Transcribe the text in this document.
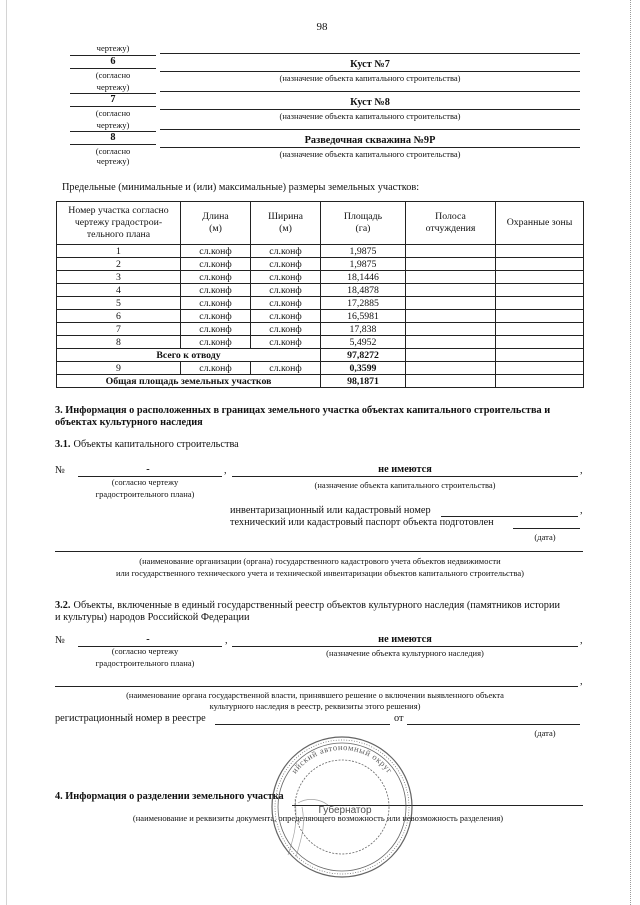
98
чертежу)
6	Куст №7
(согласно	(назначение объекта капитального строительства)
чертежу)
7	Куст №8
(согласно	(назначение объекта капитального строительства)
чертежу)
8	Разведочная скважина №9Р
(согласно	(назначение объекта капитального строительства)
чертежу)
Предельные (минимальные и (или) максимальные) размеры земельных участков:
Номер участка согласно
чертежу градострои-
тельного плана	Длина
(м)	Ширина
(м)	Площадь
(га)	Полоса
отчуждения	Охранные зоны
1	сл.конф	сл.конф	1,9875		
2	сл.конф	сл.конф	1,9875		
3	сл.конф	сл.конф	18,1446		
4	сл.конф	сл.конф	18,4878		
5	сл.конф	сл.конф	17,2885		
6	сл.конф	сл.конф	16,5981		
7	сл.конф	сл.конф	17,838		
8	сл.конф	сл.конф	5,4952		
Всего к отводу			97,8272		
9	сл.конф	сл.конф	0,3599		
Общая площадь земельных участков			98,1871		
3. Информация о расположенных в границах земельного участка объектах капитального строительства и
объектах культурного наследия
3.1. Объекты капитального строительства
№	-	,	не имеются	,
(согласно чертежу	(назначение объекта капитального строительства)
градостроительного плана)
инвентаризационный или кадастровый номер	,
технический или кадастровый паспорт объекта подготовлен
(дата)
(наименование организации (органа) государственного кадастрового учета объектов недвижимости
или государственного технического учета и технической инвентаризации объектов капитального строительства)
3.2. Объекты, включенные в единый государственный реестр объектов культурного наследия (памятников истории
и культуры) народов Российской Федерации
№	-	,	не имеются	,
(согласно чертежу	(назначение объекта культурного наследия)
градостроительного плана)
,
(наименование органа государственной власти, принявшего решение о включении выявленного объекта
культурного наследия в реестр, реквизиты этого решения)
регистрационный номер в реестре	от
(дата)
4. Информация о разделении земельного участка
(наименование и реквизиты документа, определяющего возможность или невозможность разделения)
ийский автономный округ
Губернатор
